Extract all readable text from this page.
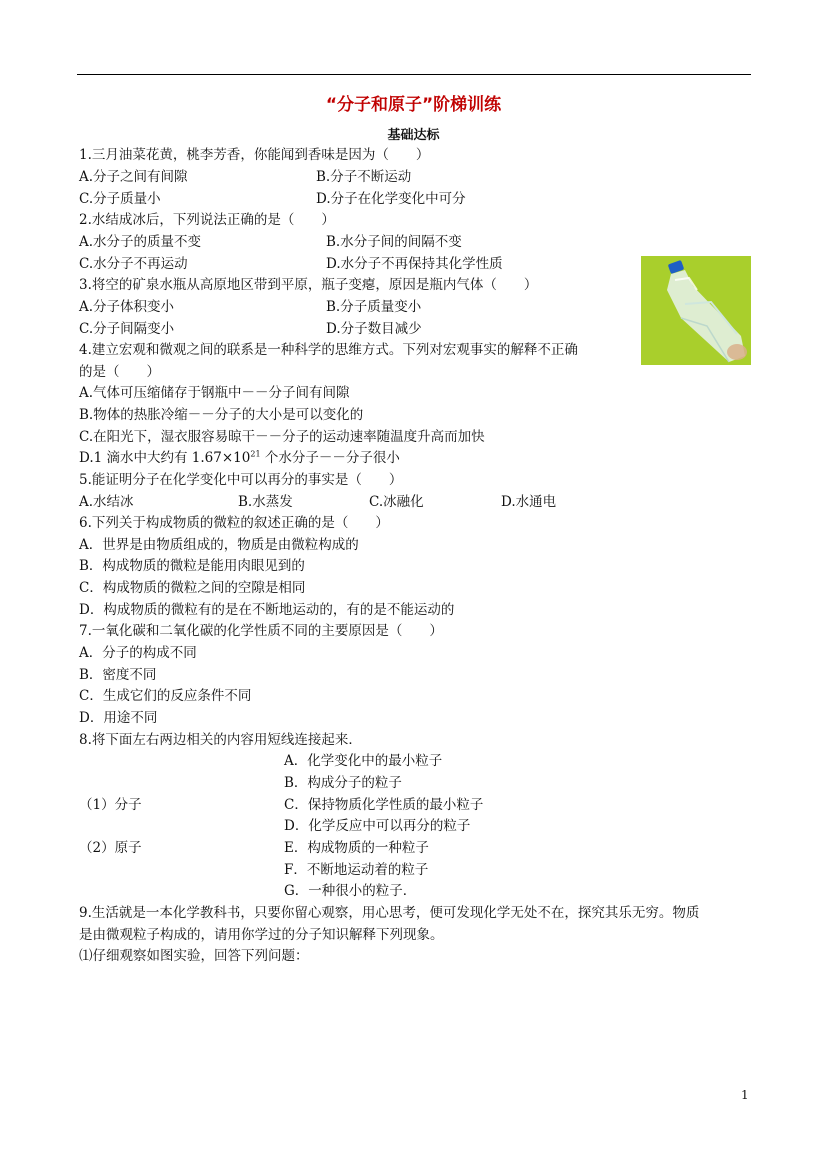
“分子和原子”阶梯训练
基础达标
1.三月油菜花黄，桃李芳香，你能闻到香味是因为（　　）
A.分子之间有间隙	B.分子不断运动
C.分子质量小	D.分子在化学变化中可分
2.水结成冰后，下列说法正确的是（　　）
A.水分子的质量不变	B.水分子间的间隔不变
C.水分子不再运动	D.水分子不再保持其化学性质
3.将空的矿泉水瓶从高原地区带到平原，瓶子变瘪，原因是瓶内气体（　　）
A.分子体积变小	B.分子质量变小
C.分子间隔变小	D.分子数目减少
4.建立宏观和微观之间的联系是一种科学的思维方式。下列对宏观事实的解释不正确
的是（　　）
A.气体可压缩储存于钢瓶中－－分子间有间隙
B.物体的热胀冷缩－－分子的大小是可以变化的
C.在阳光下，湿衣服容易晾干－－分子的运动速率随温度升高而加快
D.1 滴水中大约有 $1.67\times 10^{21}$ 个水分子－－分子很小
5.能证明分子在化学变化中可以再分的事实是（　　）
A.水结冰	B.水蒸发	C.冰融化	D.水通电
6.下列关于构成物质的微粒的叙述正确的是（　　）
A．世界是由物质组成的，物质是由微粒构成的
B．构成物质的微粒是能用肉眼见到的
C．构成物质的微粒之间的空隙是相同
D．构成物质的微粒有的是在不断地运动的，有的是不能运动的
7.一氧化碳和二氧化碳的化学性质不同的主要原因是（　　）
A．分子的构成不同
B．密度不同
C．生成它们的反应条件不同
D．用途不同
8.将下面左右两边相关的内容用短线连接起来．
A．化学变化中的最小粒子
B．构成分子的粒子
（1）分子	C．保持物质化学性质的最小粒子
D．化学反应中可以再分的粒子
（2）原子	E．构成物质的一种粒子
F．不断地运动着的粒子
G．一种很小的粒子．
9.生活就是一本化学教科书，只要你留心观察，用心思考，便可发现化学无处不在，探究其乐无穷。物质
是由微观粒子构成的，请用你学过的分子知识解释下列现象。
⑴仔细观察如图实验，回答下列问题：
1
